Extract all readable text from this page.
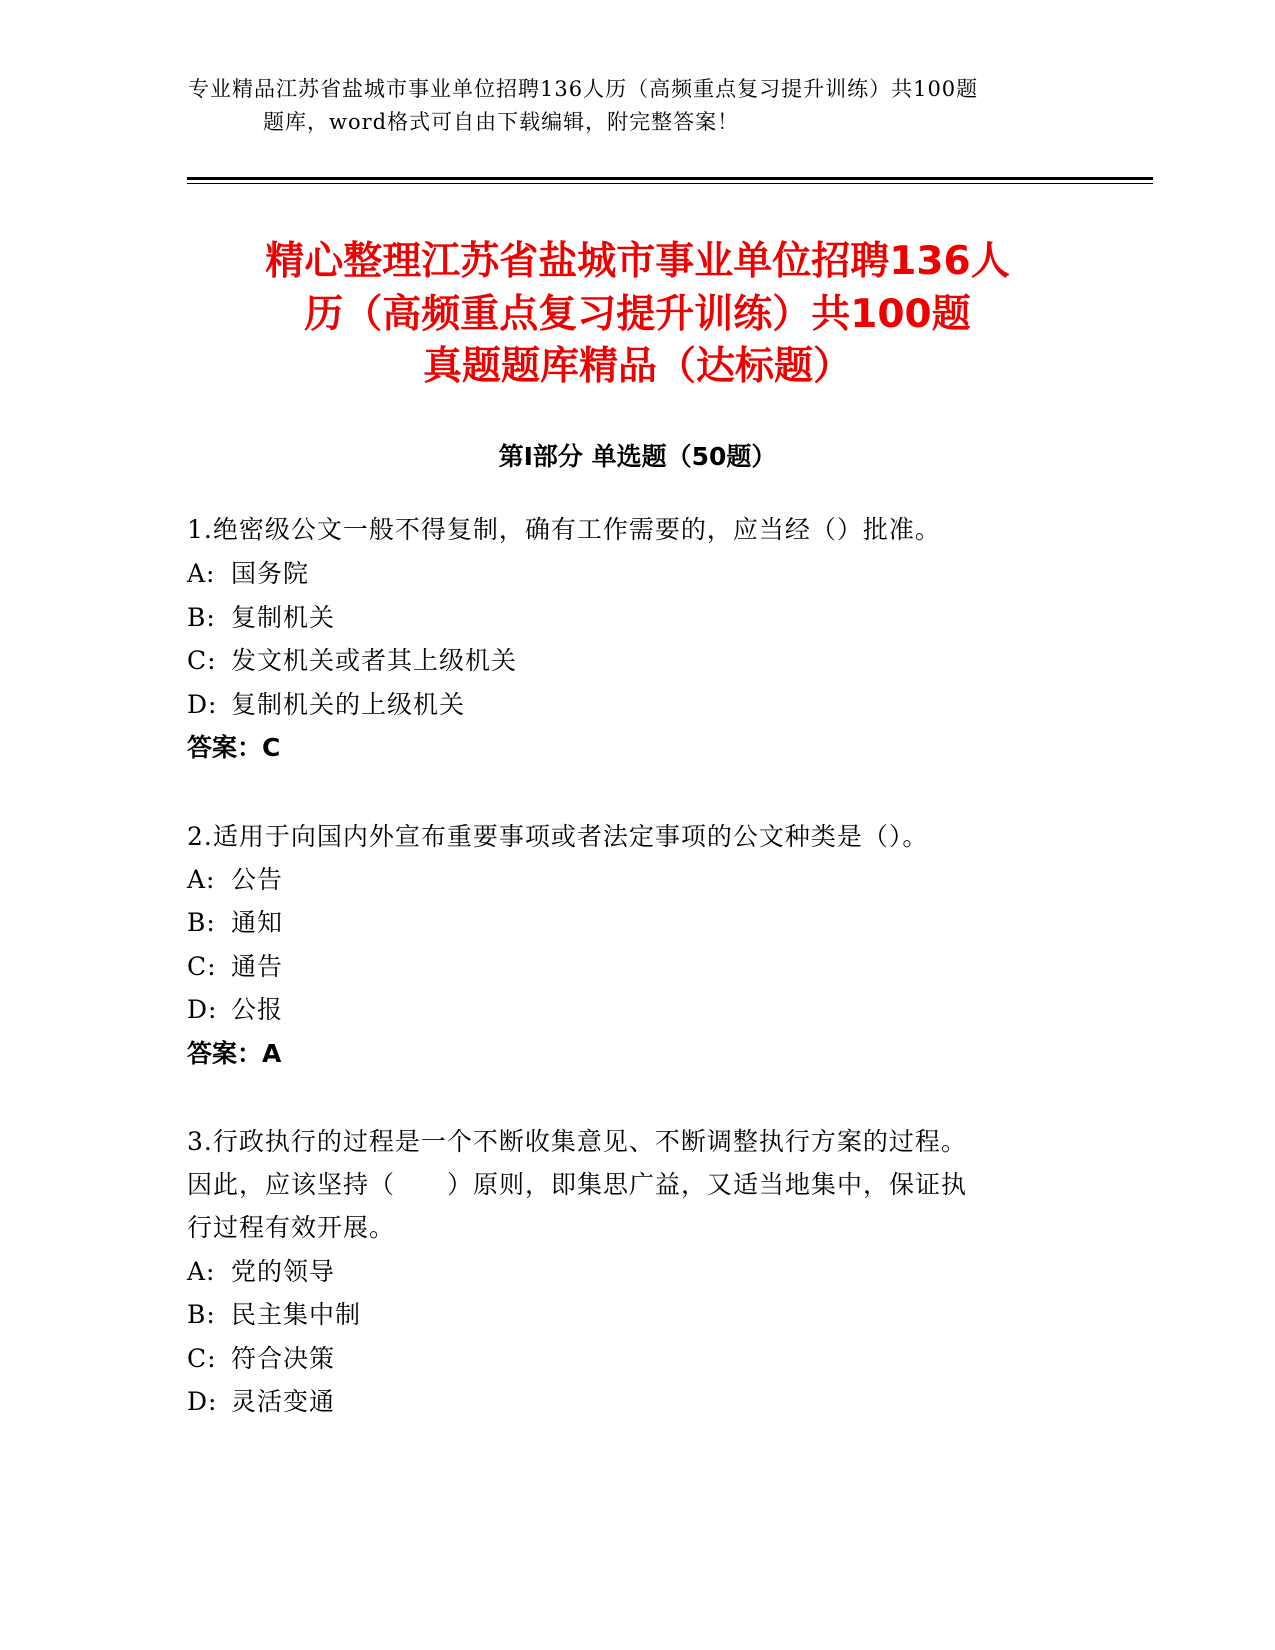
专业精品江苏省盐城市事业单位招聘136人历（高频重点复习提升训练）共100题
题库，word格式可自由下载编辑，附完整答案！
精心整理江苏省盐城市事业单位招聘136人
历（高频重点复习提升训练）共100题
真题题库精品（达标题）
第I部分 单选题（50题）
1.绝密级公文一般不得复制，确有工作需要的，应当经（）批准。
A: 国务院
B: 复制机关
C: 发文机关或者其上级机关
D: 复制机关的上级机关
答案：C
2.适用于向国内外宣布重要事项或者法定事项的公文种类是（）。
A: 公告
B: 通知
C: 通告
D: 公报
答案：A
3.行政执行的过程是一个不断收集意见、不断调整执行方案的过程。
因此，应该坚持（　　）原则，即集思广益，又适当地集中，保证执
行过程有效开展。
A: 党的领导
B: 民主集中制
C: 符合决策
D: 灵活变通
